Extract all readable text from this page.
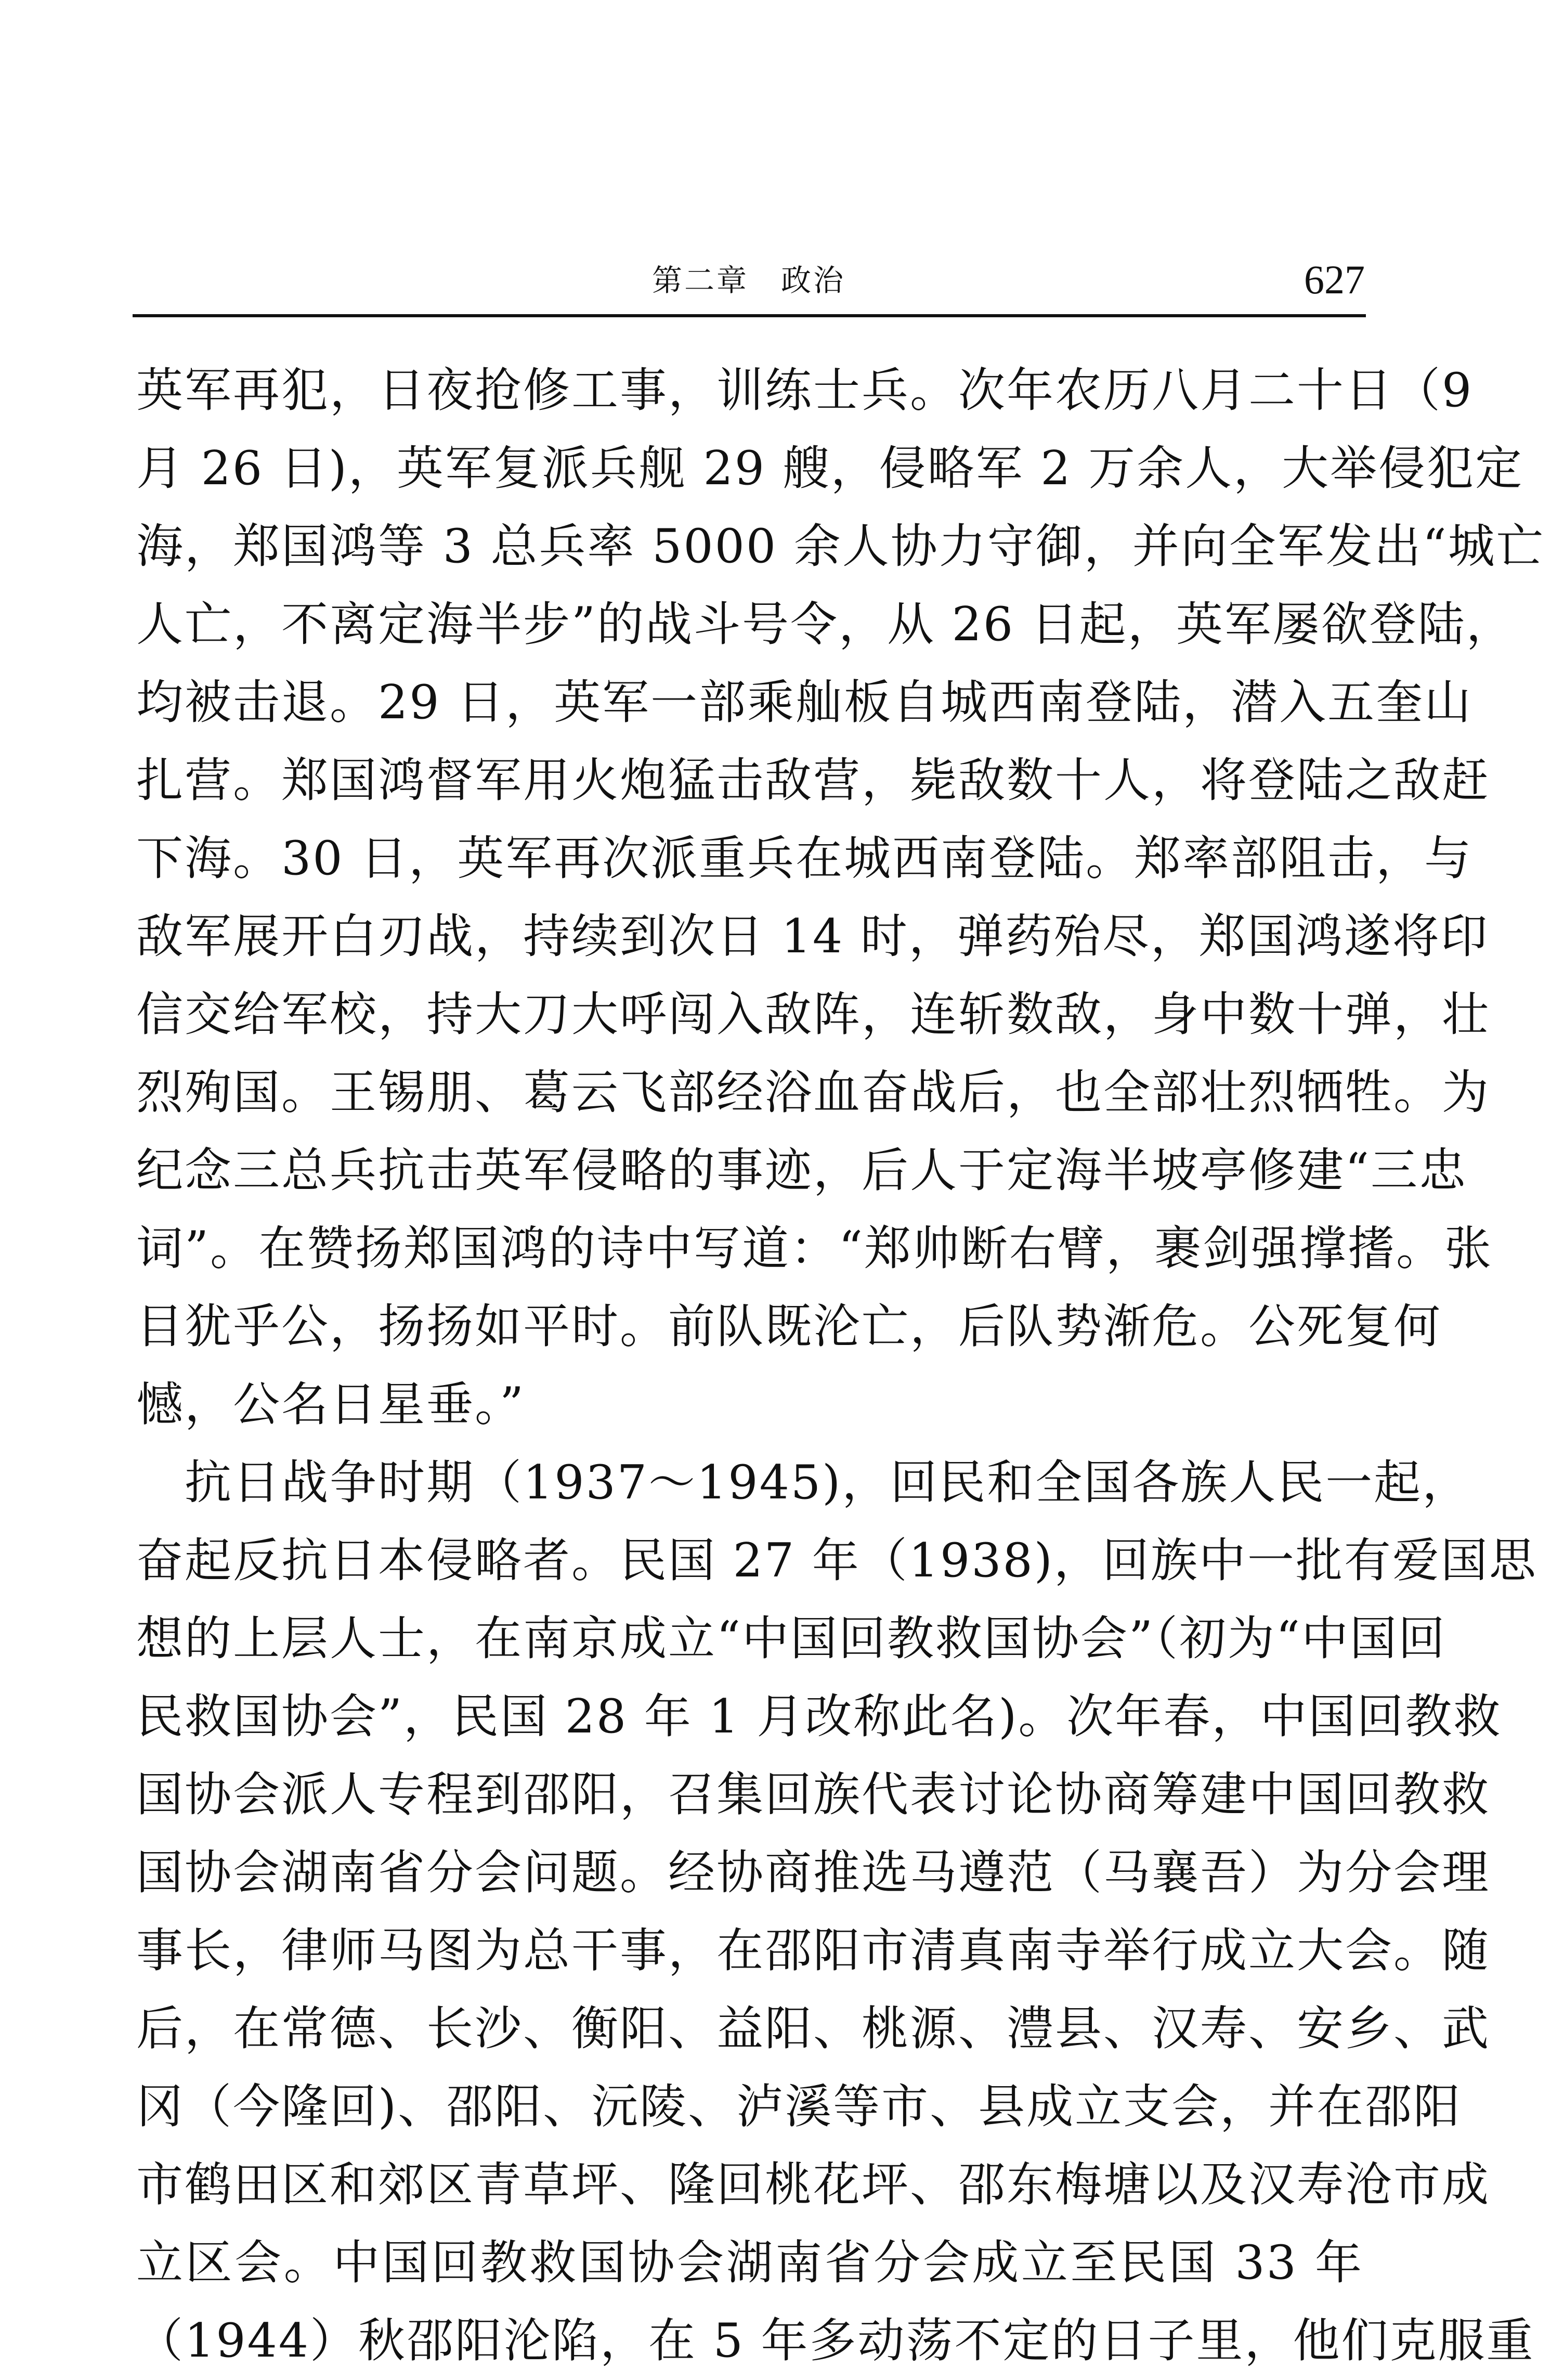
第二章　政治	627
英军再犯，日夜抢修工事，训练士兵。次年农历八月二十日（9
月 26 日)，英军复派兵舰 29 艘，侵略军 2 万余人，大举侵犯定
海，郑国鸿等 3 总兵率 5000 余人协力守御，并向全军发出“城亡
人亡，不离定海半步”的战斗号令，从 26 日起，英军屡欲登陆，
均被击退。29 日，英军一部乘舢板自城西南登陆，潜入五奎山
扎营。郑国鸿督军用火炮猛击敌营，毙敌数十人，将登陆之敌赶
下海。30 日，英军再次派重兵在城西南登陆。郑率部阻击，与
敌军展开白刃战，持续到次日 14 时，弹药殆尽，郑国鸿遂将印
信交给军校，持大刀大呼闯入敌阵，连斩数敌，身中数十弹，壮
烈殉国。王锡朋、葛云飞部经浴血奋战后，也全部壮烈牺牲。为
纪念三总兵抗击英军侵略的事迹，后人于定海半坡亭修建“三忠
词”。在赞扬郑国鸿的诗中写道：“郑帅断右臂，裹剑强撑搘。张
目犹乎公，扬扬如平时。前队既沦亡，后队势渐危。公死复何
憾，公名日星垂。”
　抗日战争时期（1937～1945)，回民和全国各族人民一起，
奋起反抗日本侵略者。民国 27 年（1938)，回族中一批有爱国思
想的上层人士，在南京成立“中国回教救国协会”（初为“中国回
民救国协会”，民国 28 年 1 月改称此名)。次年春，中国回教救
国协会派人专程到邵阳，召集回族代表讨论协商筹建中国回教救
国协会湖南省分会问题。经协商推选马遵范（马襄吾）为分会理
事长，律师马图为总干事，在邵阳市清真南寺举行成立大会。随
后，在常德、长沙、衡阳、益阳、桃源、澧县、汉寿、安乡、武
冈（今隆回)、邵阳、沅陵、泸溪等市、县成立支会，并在邵阳
市鹤田区和郊区青草坪、隆回桃花坪、邵东梅塘以及汉寿沧市成
立区会。中国回教救国协会湖南省分会成立至民国 33 年
（1944）秋邵阳沦陷，在 5 年多动荡不定的日子里，他们克服重
